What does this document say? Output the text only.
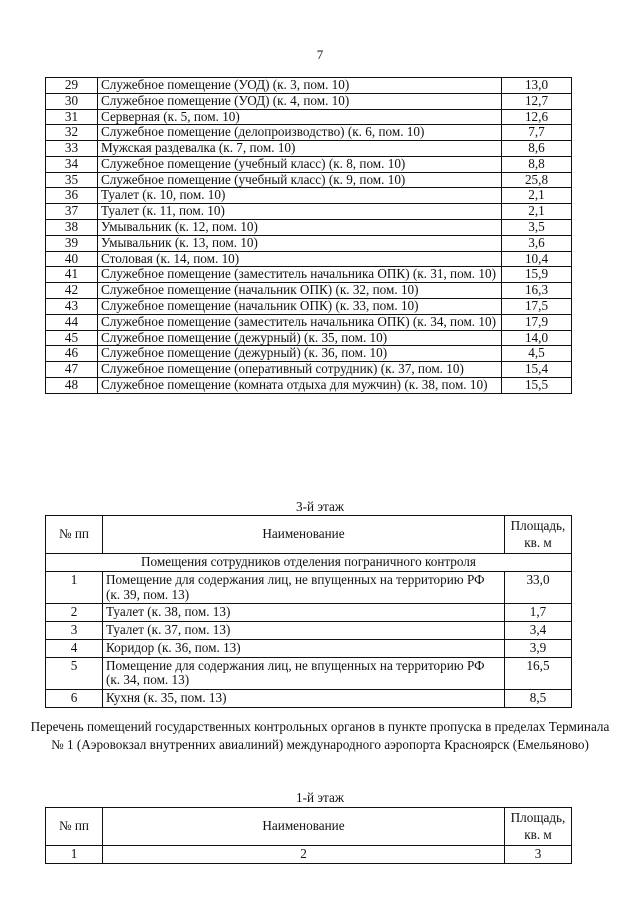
7
29	Служебное помещение (УОД) (к. 3, пом. 10)	13,0
30	Служебное помещение (УОД) (к. 4, пом. 10)	12,7
31	Серверная (к. 5, пом. 10)	12,6
32	Служебное помещение (делопроизводство) (к. 6, пом. 10)	7,7
33	Мужская раздевалка (к. 7, пом. 10)	8,6
34	Служебное помещение (учебный класс) (к. 8, пом. 10)	8,8
35	Служебное помещение (учебный класс) (к. 9, пом. 10)	25,8
36	Туалет (к. 10, пом. 10)	2,1
37	Туалет (к. 11, пом. 10)	2,1
38	Умывальник (к. 12, пом. 10)	3,5
39	Умывальник (к. 13, пом. 10)	3,6
40	Столовая (к. 14, пом. 10)	10,4
41	Служебное помещение (заместитель начальника ОПК) (к. 31, пом. 10)	15,9
42	Служебное помещение (начальник ОПК) (к. 32, пом. 10)	16,3
43	Служебное помещение (начальник ОПК) (к. 33, пом. 10)	17,5
44	Служебное помещение (заместитель начальника ОПК) (к. 34, пом. 10)	17,9
45	Служебное помещение (дежурный) (к. 35, пом. 10)	14,0
46	Служебное помещение (дежурный) (к. 36, пом. 10)	4,5
47	Служебное помещение (оперативный сотрудник) (к. 37, пом. 10)	15,4
48	Служебное помещение (комната отдыха для мужчин) (к. 38, пом. 10)	15,5
3-й этаж
№ пп	Наименование	Площадь, кв. м
Помещения сотрудников отделения пограничного контроля		
1	Помещение для содержания лиц, не впущенных на территорию РФ (к. 39, пом. 13)	33,0
2	Туалет (к. 38, пом. 13)	1,7
3	Туалет (к. 37, пом. 13)	3,4
4	Коридор (к. 36, пом. 13)	3,9
5	Помещение для содержания лиц, не впущенных на территорию РФ (к. 34, пом. 13)	16,5
6	Кухня (к. 35, пом. 13)	8,5
Перечень помещений государственных контрольных органов в пункте пропуска в пределах Терминала № 1 (Аэровокзал внутренних авиалиний) международного аэропорта Красноярск (Емельяново)
1-й этаж
№ пп	Наименование	Площадь, кв. м
1	2	3
